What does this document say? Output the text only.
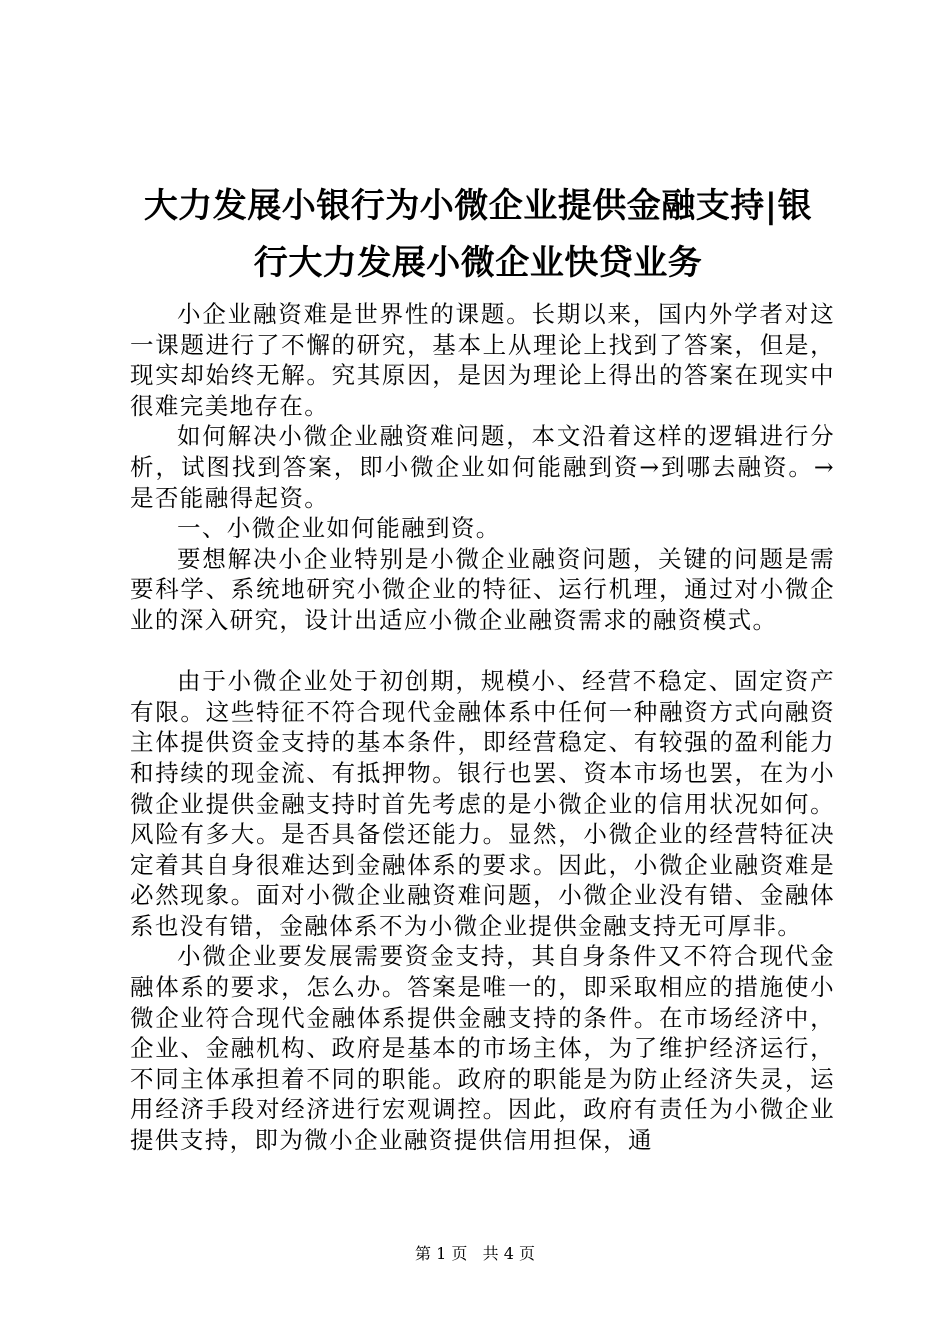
大力发展小银行为小微企业提供金融支持|银行大力发展小微企业快贷业务

小企业融资难是世界性的课题。长期以来，国内外学者对这一课题进行了不懈的研究，基本上从理论上找到了答案，但是，现实却始终无解。究其原因，是因为理论上得出的答案在现实中很难完美地存在。

如何解决小微企业融资难问题，本文沿着这样的逻辑进行分析，试图找到答案，即小微企业如何能融到资→到哪去融资。→是否能融得起资。

一、小微企业如何能融到资。

要想解决小企业特别是小微企业融资问题，关键的问题是需要科学、系统地研究小微企业的特征、运行机理，通过对小微企业的深入研究，设计出适应小微企业融资需求的融资模式。

由于小微企业处于初创期，规模小、经营不稳定、固定资产有限。这些特征不符合现代金融体系中任何一种融资方式向融资主体提供资金支持的基本条件，即经营稳定、有较强的盈利能力和持续的现金流、有抵押物。银行也罢、资本市场也罢，在为小微企业提供金融支持时首先考虑的是小微企业的信用状况如何。风险有多大。是否具备偿还能力。显然，小微企业的经营特征决定着其自身很难达到金融体系的要求。因此，小微企业融资难是必然现象。面对小微企业融资难问题，小微企业没有错、金融体系也没有错，金融体系不为小微企业提供金融支持无可厚非。

小微企业要发展需要资金支持，其自身条件又不符合现代金融体系的要求，怎么办。答案是唯一的，即采取相应的措施使小微企业符合现代金融体系提供金融支持的条件。在市场经济中，企业、金融机构、政府是基本的市场主体，为了维护经济运行，不同主体承担着不同的职能。政府的职能是为防止经济失灵，运用经济手段对经济进行宏观调控。因此，政府有责任为小微企业提供支持，即为微小企业融资提供信用担保，通

第 1 页   共 4 页
